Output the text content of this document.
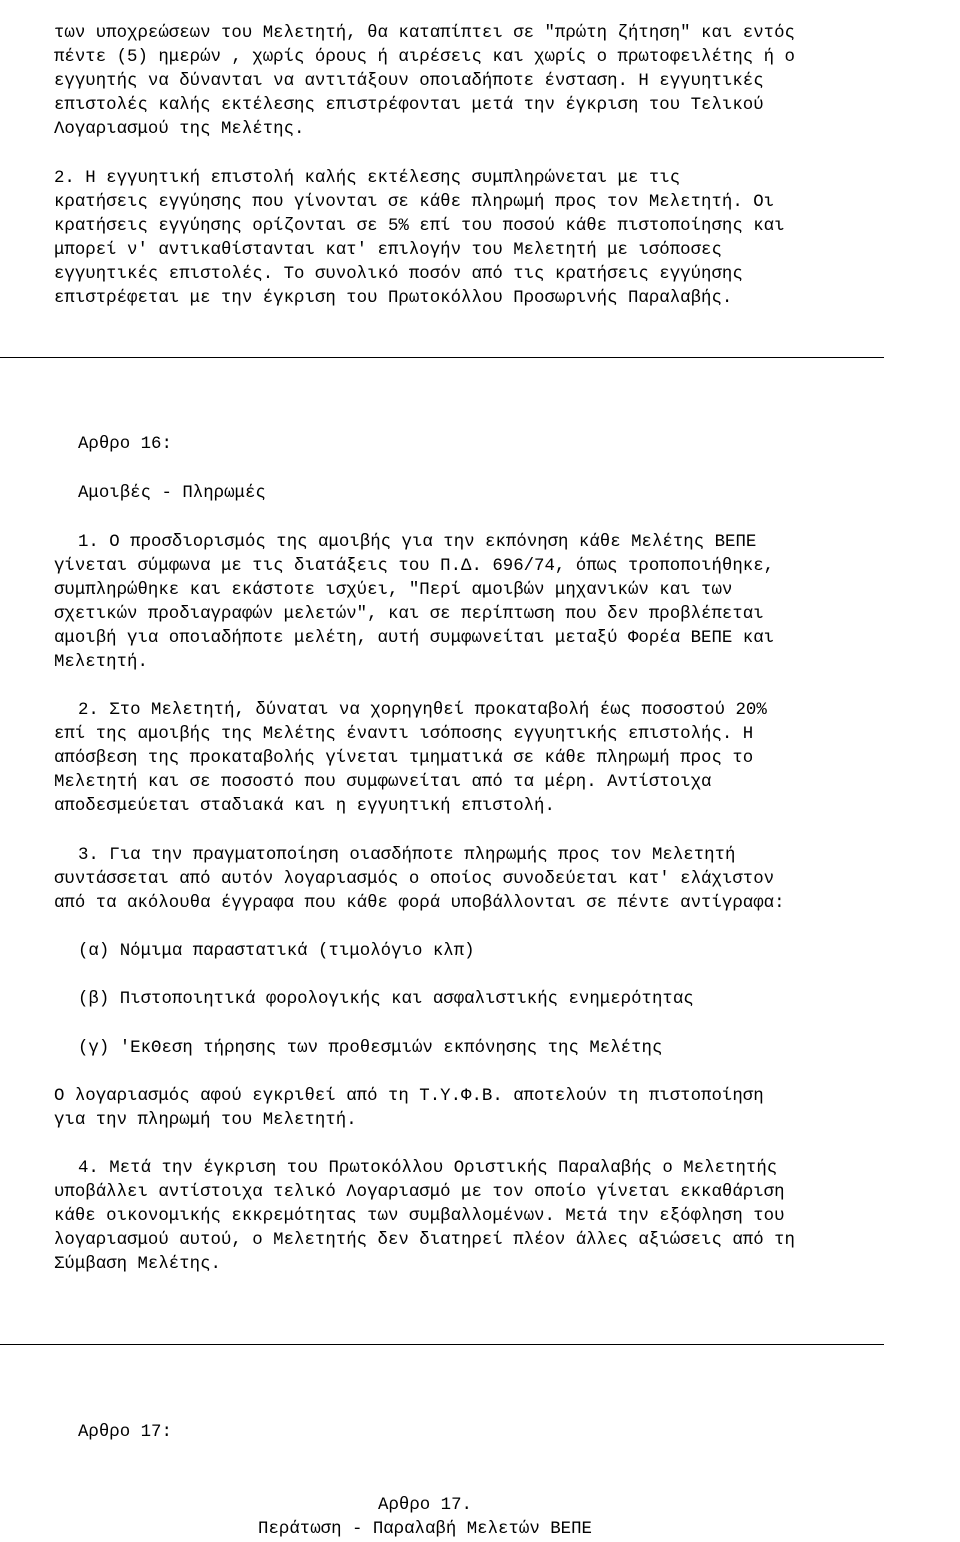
των υποχρεώσεων του Μελετητή, θα καταπίπτει σε "πρώτη ζήτηση" και εντός
πέντε (5) ημερών , χωρίς όρους ή αιρέσεις και χωρίς ο πρωτοφειλέτης ή ο
εγγυητής να δύνανται να αντιτάξουν οποιαδήποτε ένσταση. Η εγγυητικές
επιστολές καλής εκτέλεσης επιστρέφονται μετά την έγκριση του Τελικού
Λογαριασμού της Μελέτης.
2. Η εγγυητική επιστολή καλής εκτέλεσης συμπληρώνεται με τις
κρατήσεις εγγύησης που γίνονται σε κάθε πληρωμή προς τον Μελετητή. Οι
κρατήσεις εγγύησης ορίζονται σε 5% επί του ποσού κάθε πιστοποίησης και
μπορεί ν' αντικαθίστανται κατ' επιλογήν του Μελετητή με ισόποσες
εγγυητικές επιστολές. Το συνολικό ποσόν από τις κρατήσεις εγγύησης
επιστρέφεται με την έγκριση του Πρωτοκόλλου Προσωρινής Παραλαβής.
Αρθρο 16:
Αμοιβές - Πληρωμές
1. Ο προσδιορισμός της αμοιβής για την εκπόνηση κάθε Μελέτης ΒΕΠΕ
γίνεται σύμφωνα με τις διατάξεις του Π.Δ. 696/74, όπως τροποποιήθηκε,
συμπληρώθηκε και εκάστοτε ισχύει, "Περί αμοιβών μηχανικών και των
σχετικών προδιαγραφών μελετών", και σε περίπτωση που δεν προβλέπεται
αμοιβή για οποιαδήποτε μελέτη, αυτή συμφωνείται μεταξύ Φορέα ΒΕΠΕ και
Μελετητή.
2. Στο Μελετητή, δύναται να χορηγηθεί προκαταβολή έως ποσοστού 20%
επί της αμοιβής της Μελέτης έναντι ισόποσης εγγυητικής επιστολής. Η
απόσβεση της προκαταβολής γίνεται τμηματικά σε κάθε πληρωμή προς το
Μελετητή και σε ποσοστό που συμφωνείται από τα μέρη. Αντίστοιχα
αποδεσμεύεται σταδιακά και η εγγυητική επιστολή.
3. Για την πραγματοποίηση οιασδήποτε πληρωμής προς τον Μελετητή
συντάσσεται από αυτόν λογαριασμός ο οποίος συνοδεύεται κατ' ελάχιστον
από τα ακόλουθα έγγραφα που κάθε φορά υποβάλλονται σε πέντε αντίγραφα:
(α) Νόμιμα παραστατικά (τιμολόγιο κλπ)
(β) Πιστοποιητικά φορολογικής και ασφαλιστικής ενημερότητας
(γ) 'ΕκΘεση τήρησης των προθεσμιών εκπόνησης της Μελέτης
Ο λογαριασμός αφού εγκριθεί από τη Τ.Υ.Φ.Β. αποτελούν τη πιστοποίηση
για την πληρωμή του Μελετητή.
4. Μετά την έγκριση του Πρωτοκόλλου Οριστικής Παραλαβής ο Μελετητής
υποβάλλει αντίστοιχα τελικό Λογαριασμό με τον οποίο γίνεται εκκαθάριση
κάθε οικονομικής εκκρεμότητας των συμβαλλομένων. Μετά την εξόφληση του
λογαριασμού αυτού, ο Μελετητής δεν διατηρεί πλέον άλλες αξιώσεις από τη
Σύμβαση Μελέτης.
Αρθρο 17:
Αρθρο 17.
Περάτωση - Παραλαβή Μελετών ΒΕΠΕ
